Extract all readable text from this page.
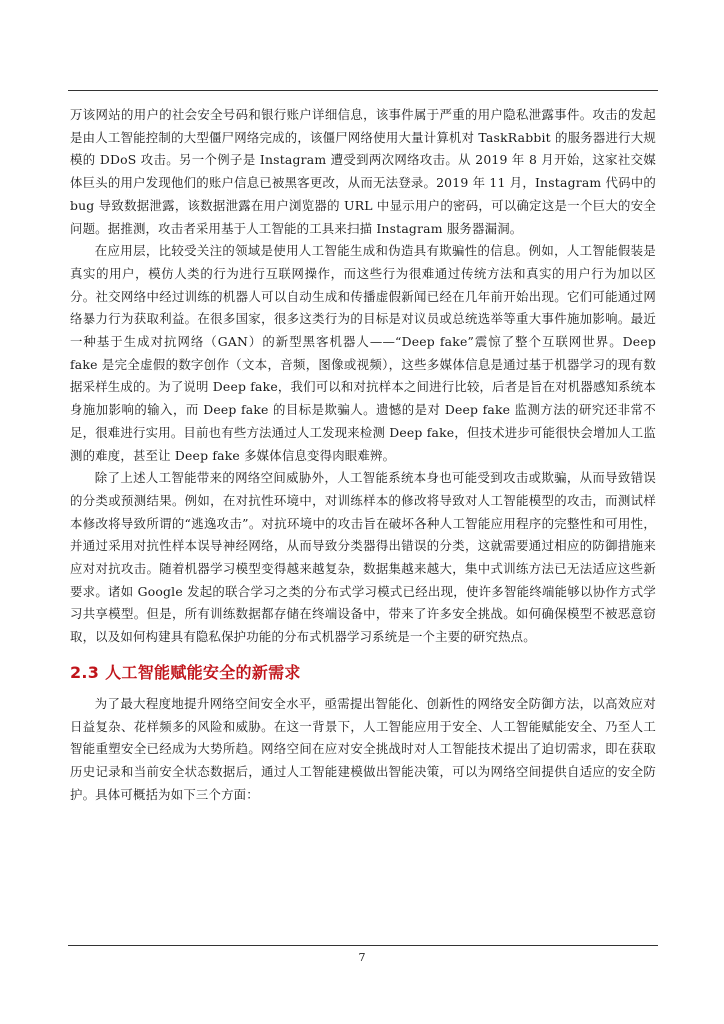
万该网站的用户的社会安全号码和银行账户详细信息，该事件属于严重的用户隐私泄露事件。攻击的发起是由人工智能控制的大型僵尸网络完成的，该僵尸网络使用大量计算机对 TaskRabbit 的服务器进行大规模的 DDoS 攻击。另一个例子是 Instagram 遭受到两次网络攻击。从 2019 年 8 月开始，这家社交媒体巨头的用户发现他们的账户信息已被黑客更改，从而无法登录。2019 年 11 月，Instagram 代码中的 bug 导致数据泄露，该数据泄露在用户浏览器的 URL 中显示用户的密码，可以确定这是一个巨大的安全问题。据推测，攻击者采用基于人工智能的工具来扫描 Instagram 服务器漏洞。

在应用层，比较受关注的领域是使用人工智能生成和伪造具有欺骗性的信息。例如，人工智能假装是真实的用户，模仿人类的行为进行互联网操作，而这些行为很难通过传统方法和真实的用户行为加以区分。社交网络中经过训练的机器人可以自动生成和传播虚假新闻已经在几年前开始出现。它们可能通过网络暴力行为获取利益。在很多国家，很多这类行为的目标是对议员或总统选举等重大事件施加影响。最近一种基于生成对抗网络（GAN）的新型黑客机器人——“Deep fake”震惊了整个互联网世界。Deep fake 是完全虚假的数字创作（文本，音频，图像或视频），这些多媒体信息是通过基于机器学习的现有数据采样生成的。为了说明 Deep fake，我们可以和对抗样本之间进行比较，后者是旨在对机器感知系统本身施加影响的输入，而 Deep fake 的目标是欺骗人。遗憾的是对 Deep fake 监测方法的研究还非常不足，很难进行实用。目前也有些方法通过人工发现来检测 Deep fake，但技术进步可能很快会增加人工监测的难度，甚至让 Deep fake 多媒体信息变得肉眼难辨。

除了上述人工智能带来的网络空间威胁外，人工智能系统本身也可能受到攻击或欺骗，从而导致错误的分类或预测结果。例如，在对抗性环境中，对训练样本的修改将导致对人工智能模型的攻击，而测试样本修改将导致所谓的“逃逸攻击”。对抗环境中的攻击旨在破坏各种人工智能应用程序的完整性和可用性，并通过采用对抗性样本误导神经网络，从而导致分类器得出错误的分类，这就需要通过相应的防御措施来应对对抗攻击。随着机器学习模型变得越来越复杂，数据集越来越大，集中式训练方法已无法适应这些新要求。诸如 Google 发起的联合学习之类的分布式学习模式已经出现，使许多智能终端能够以协作方式学习共享模型。但是，所有训练数据都存储在终端设备中，带来了许多安全挑战。如何确保模型不被恶意窃取，以及如何构建具有隐私保护功能的分布式机器学习系统是一个主要的研究热点。

2.3 人工智能赋能安全的新需求

为了最大程度地提升网络空间安全水平，亟需提出智能化、创新性的网络安全防御方法，以高效应对日益复杂、花样频多的风险和威胁。在这一背景下，人工智能应用于安全、人工智能赋能安全、乃至人工智能重塑安全已经成为大势所趋。网络空间在应对安全挑战时对人工智能技术提出了迫切需求，即在获取历史记录和当前安全状态数据后，通过人工智能建模做出智能决策，可以为网络空间提供自适应的安全防护。具体可概括为如下三个方面：

7
